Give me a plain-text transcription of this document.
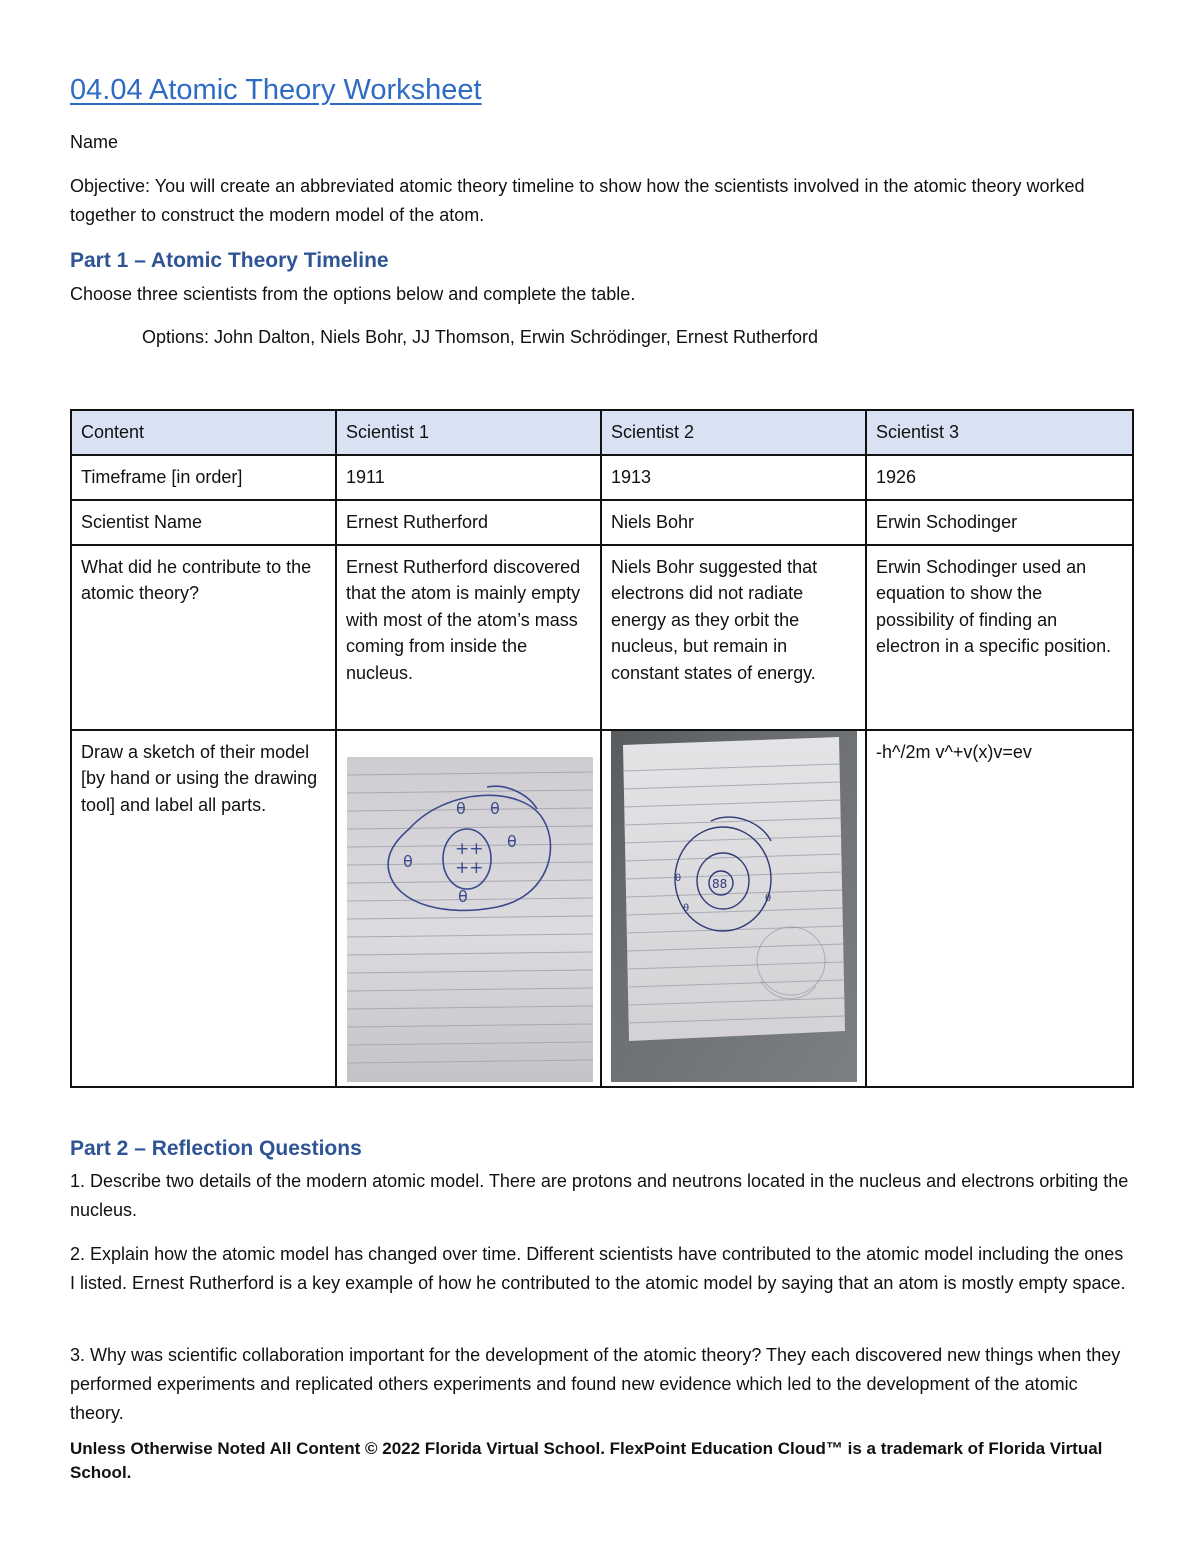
04.04 Atomic Theory Worksheet
Name
Objective: You will create an abbreviated atomic theory timeline to show how the scientists involved in the atomic theory worked together to construct the modern model of the atom.
Part 1 – Atomic Theory Timeline
Choose three scientists from the options below and complete the table.
Options: John Dalton, Niels Bohr, JJ Thomson, Erwin Schrödinger, Ernest Rutherford
Content	Scientist 1	Scientist 2	Scientist 3
Timeframe [in order]	1911	1913	1926
Scientist Name	Ernest Rutherford	Niels Bohr	Erwin Schodinger
What did he contribute to the atomic theory?	Ernest Rutherford discovered that the atom is mainly empty with most of the atom’s mass coming from inside the nucleus.	Niels Bohr suggested that electrons did not radiate energy as they orbit the nucleus, but remain in constant states of energy.	Erwin Schodinger used an equation to show the possibility of finding an electron in a specific position.
Draw a sketch of their model [by hand or using the drawing tool] and label all parts.			-h^/2m v^+v(x)v=ev
θ θ
θ
θ
θ
++
++
88
θ
θ
θ
Part 2 – Reflection Questions
1. Describe two details of the modern atomic model. There are protons and neutrons located in the nucleus and electrons orbiting the nucleus.
2. Explain how the atomic model has changed over time. Different scientists have contributed to the atomic model including the ones I listed. Ernest Rutherford is a key example of how he contributed to the atomic model by saying that an atom is mostly empty space.
3. Why was scientific collaboration important for the development of the atomic theory? They each discovered new things when they performed experiments and replicated others experiments and found new evidence which led to the development of the atomic theory.
Unless Otherwise Noted All Content © 2022 Florida Virtual School. FlexPoint Education Cloud™ is a trademark of Florida Virtual School.
